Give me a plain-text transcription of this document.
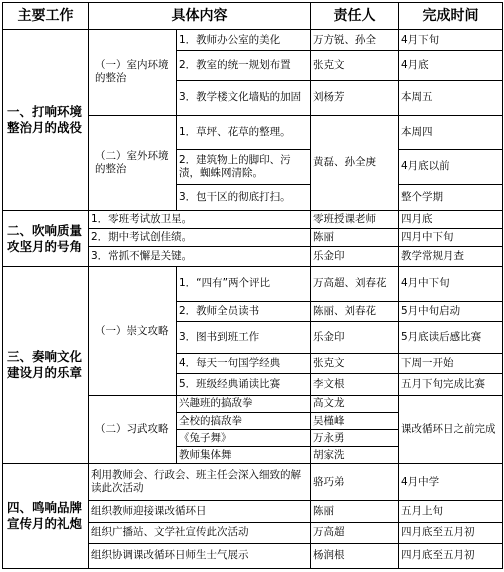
主要工作	具体内容		责任人	完成时间
一、打响环境整治月的战役	（一）室内环境的整治	1．教师办公室的美化	万方锐、孙全	4月下旬
		2．教室的统一规划布置	张克文	4月底
		3．教学楼文化墙贴的加固	刘杨芳	本周五
	（二）室外环境的整治	1．草坪、花草的整理。	黄磊、孙全庚	本周四
		2．建筑物上的脚印、污渍，蜘蛛网清除。		4月底以前
		3．包干区的彻底打扫。		整个学期
二、吹响质量攻坚月的号角	1．零班考试放卫星。		零班授课老师	四月底
	2．期中考试创佳绩。		陈丽	四月中下旬
	3．常抓不懈是关键。		乐金印	教学常规月查
三、奏响文化建设月的乐章	（一）崇文攻略	1．“四有”两个评比	万高超、刘春花	4月中下旬
		2．教师全员读书	陈丽、刘春花	5月中旬启动
		3．图书到班工作	乐金印	5月底读后感比赛
		4．每天一句国学经典	张克文	下周一开始
		5．班级经典诵读比赛	李文根	五月下旬完成比赛
	（二）习武攻略	兴趣班的搞敌拳	高文龙	课改循环日之前完成
		全校的搞敌拳	吴槿峰	
		《兔子舞》	万永勇	
		教师集体舞	胡家洗	
四、鸣响品牌宣传月的礼炮	利用教师会、行政会、班主任会深入细致的解读此次活动		骆巧弟	4月中学
	组织教师迎接课改循环日		陈丽	五月上旬
	组织广播站、文学社宣传此次活动		万高超	四月底至五月初
	组织协调课改循环日师生士气展示		杨润根	四月底至五月初
